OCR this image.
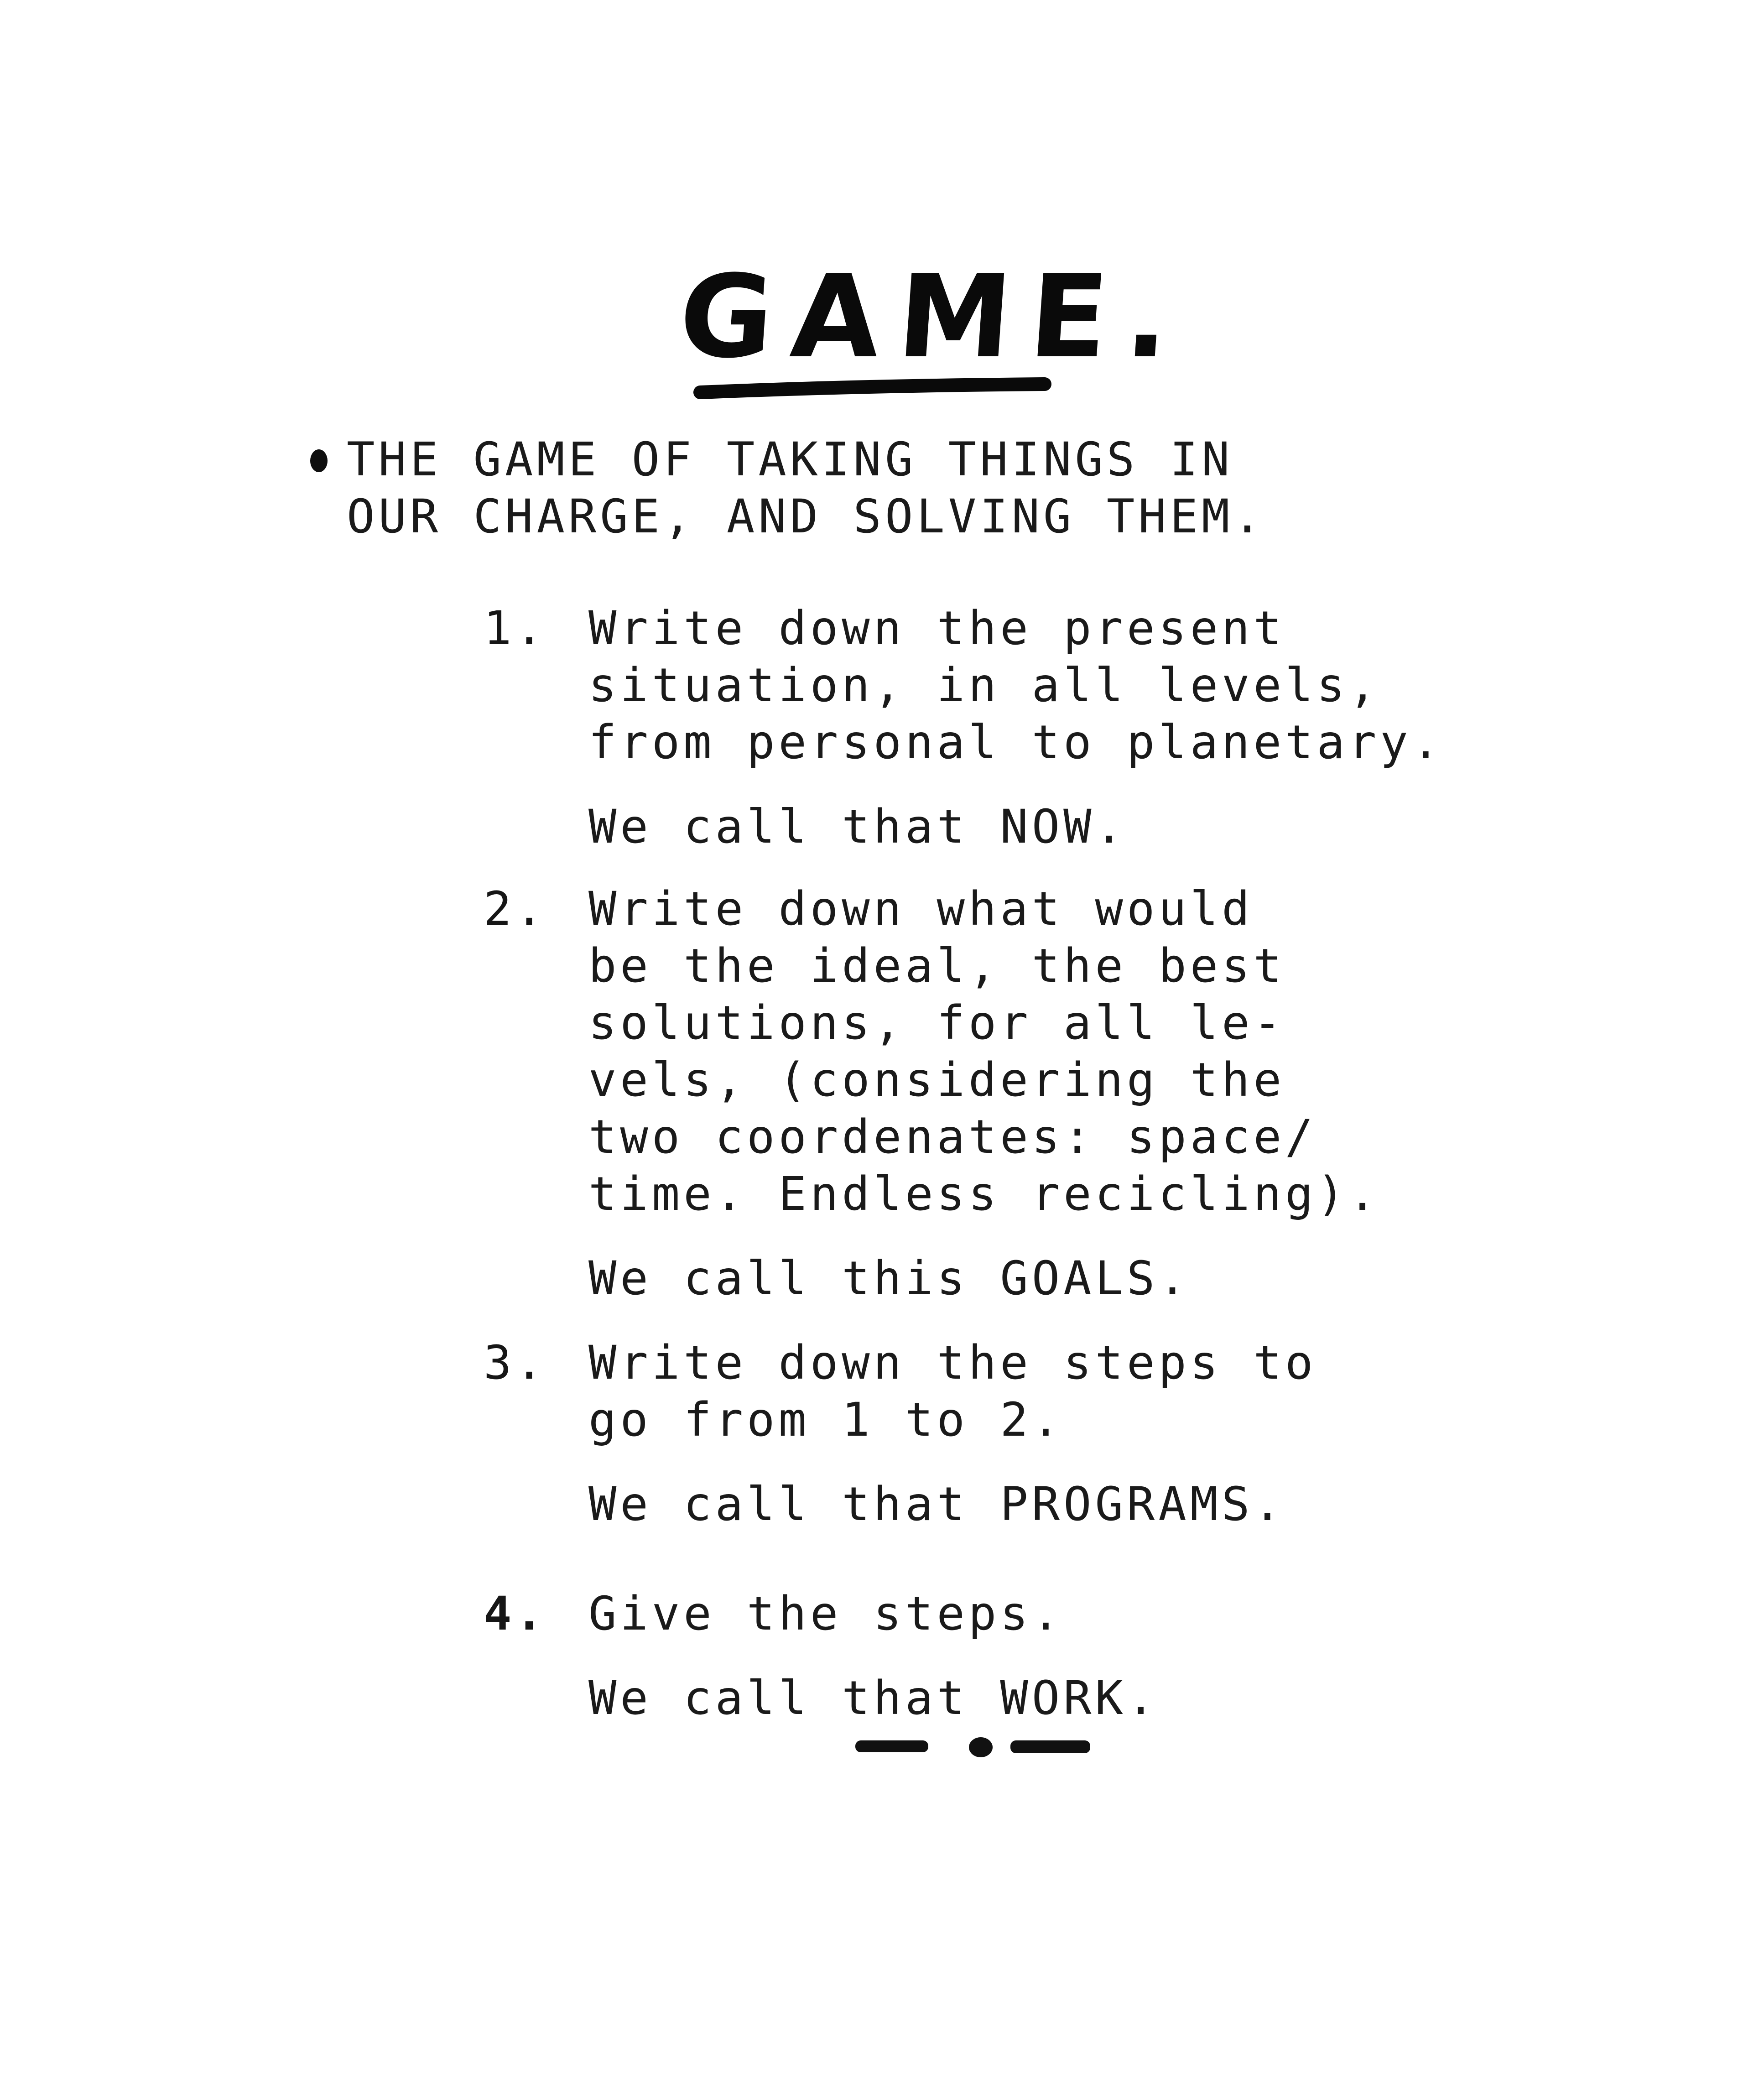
GAME.
THE GAME OF TAKING THINGS IN
OUR CHARGE, AND SOLVING THEM.
1. Write down the present
situation, in all levels,
from personal to planetary.
We call that NOW.
2. Write down what would
be the ideal, the best
solutions, for all le-
vels, (considering the
two coordenates: space/
time. Endless recicling).
We call this GOALS.
3. Write down the steps to
go from 1 to 2.
We call that PROGRAMS.
4. Give the steps.
We call that WORK.
